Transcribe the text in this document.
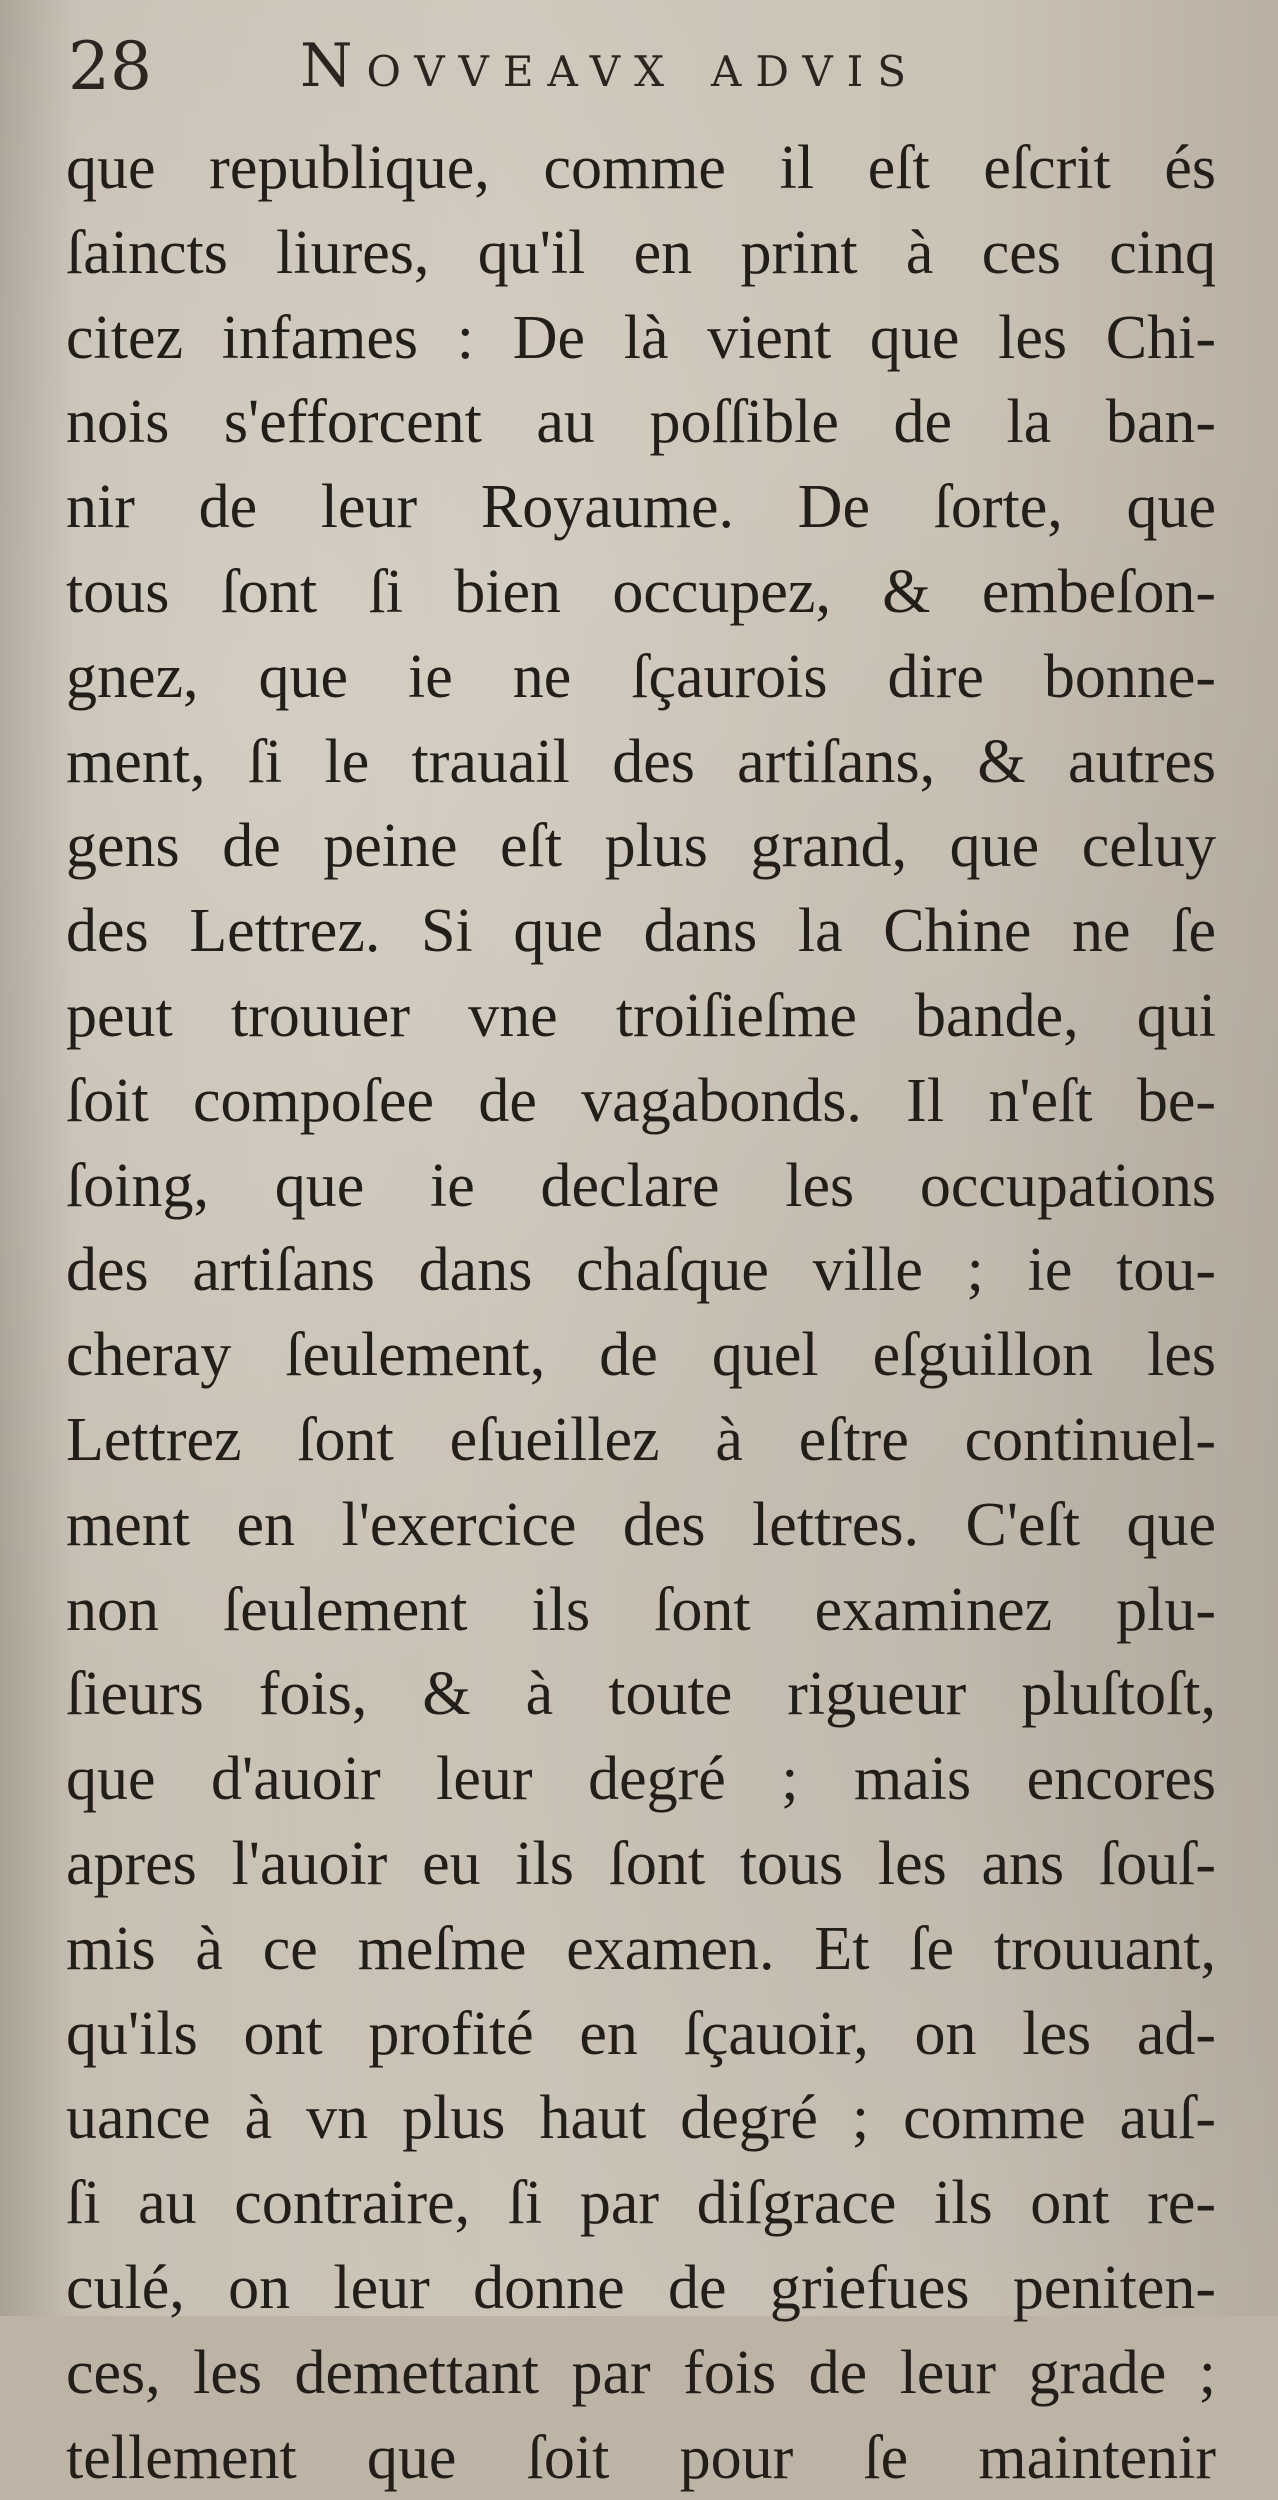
28 Novveavx advis
que republique, comme il eſt eſcrit és
ſaincts liures, qu'il en print à ces cinq
citez infames : De là vient que les Chi-
nois s'efforcent au poſſible de la ban-
nir de leur Royaume. De ſorte, que
tous ſont ſi bien occupez, & embeſon-
gnez, que ie ne ſçaurois dire bonne-
ment, ſi le trauail des artiſans, & autres
gens de peine eſt plus grand, que celuy
des Lettrez. Si que dans la Chine ne ſe
peut trouuer vne troiſieſme bande, qui
ſoit compoſee de vagabonds. Il n'eſt be-
ſoing, que ie declare les occupations
des artiſans dans chaſque ville ; ie tou-
cheray ſeulement, de quel eſguillon les
Lettrez ſont eſueillez à eſtre continuel-
ment en l'exercice des lettres. C'eſt que
non ſeulement ils ſont examinez plu-
ſieurs fois, & à toute rigueur pluſtoſt,
que d'auoir leur degré ; mais encores
apres l'auoir eu ils ſont tous les ans ſouſ-
mis à ce meſme examen. Et ſe trouuant,
qu'ils ont profité en ſçauoir, on les ad-
uance à vn plus haut degré ; comme auſ-
ſi au contraire, ſi par diſgrace ils ont re-
culé, on leur donne de griefues peniten-
ces, les demettant par fois de leur grade ;
tellement que ſoit pour ſe maintenir
